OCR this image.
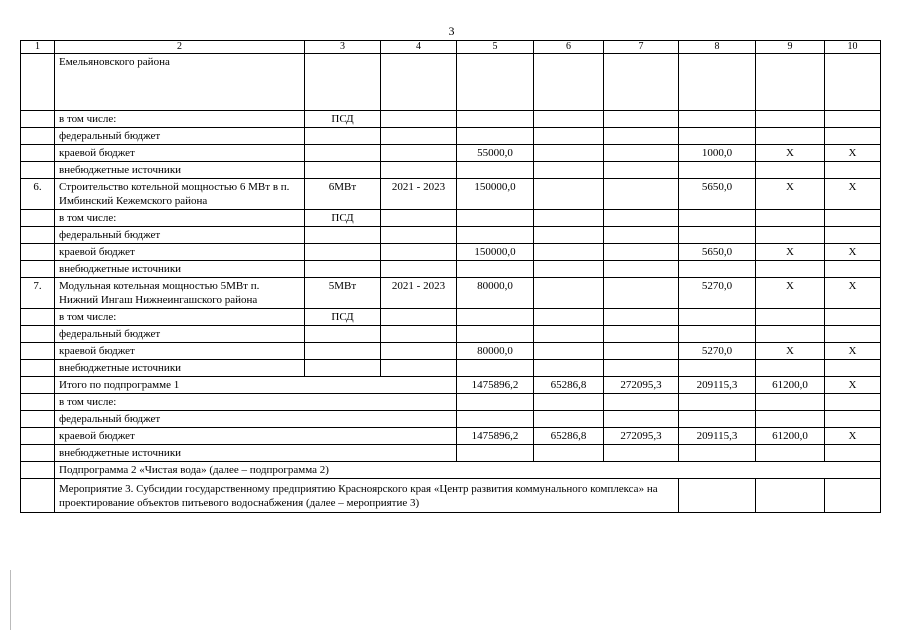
3
1	2	3	4	5	6	7	8	9	10
	Емельяновского района								
	в том числе:	ПСД							
	федеральный бюджет								
	краевой бюджет			55000,0			1000,0	X	X
	внебюджетные источники								
6.	Строительство котельной мощностью 6 МВт в п. Имбинский Кежемского района	6МВт	2021 - 2023	150000,0			5650,0	X	X
	в том числе:	ПСД							
	федеральный бюджет								
	краевой бюджет			150000,0			5650,0	X	X
	внебюджетные источники								
7.	Модульная котельная мощностью 5МВт п. Нижний Ингаш Нижнеингашского района	5МВт	2021 - 2023	80000,0			5270,0	X	X
	в том числе:	ПСД							
	федеральный бюджет								
	краевой бюджет			80000,0			5270,0	X	X
	внебюджетные источники								
	Итого по подпрограмме 1			1475896,2	65286,8	272095,3	209115,3	61200,0	X
	в том числе:								
	федеральный бюджет								
	краевой бюджет			1475896,2	65286,8	272095,3	209115,3	61200,0	X
	внебюджетные источники								
	Подпрограмма 2 «Чистая вода» (далее – подпрограмма 2)								
	Мероприятие 3. Субсидии государственному предприятию Красноярского края «Центр развития коммунального комплекса» на проектирование объектов питьевого водоснабжения (далее – мероприятие 3)								
